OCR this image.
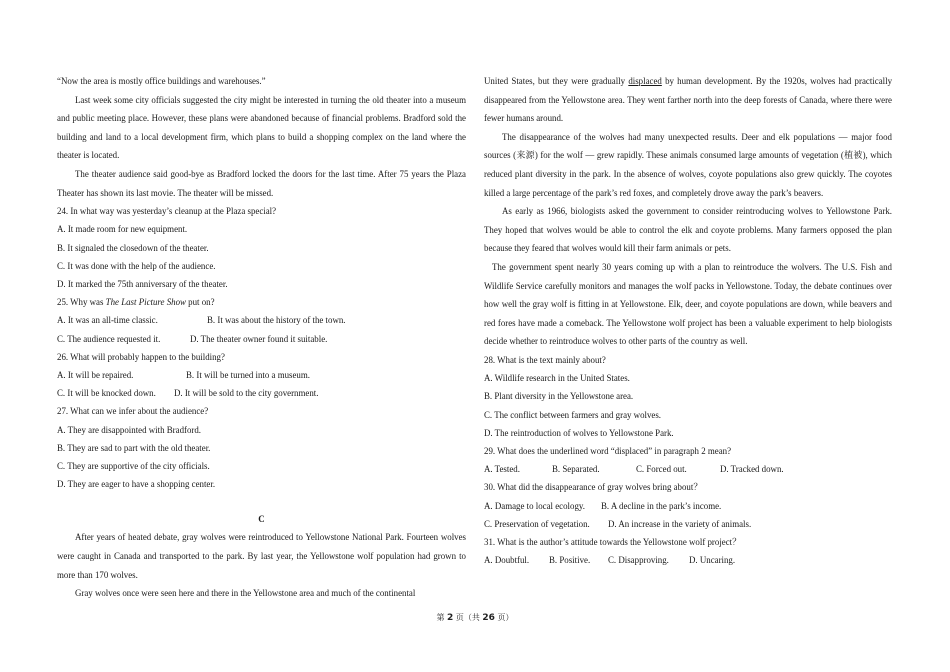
“Now the area is mostly office buildings and warehouses.”

Last week some city officials suggested the city might be interested in turning the old theater into a museum and public meeting place. However, these plans were abandoned because of financial problems. Bradford sold the building and land to a local development firm, which plans to build a shopping complex on the land where the theater is located.

The theater audience said good-bye as Bradford locked the doors for the last time. After 75 years the Plaza Theater has shown its last movie. The theater will be missed.

24. In what way was yesterday’s cleanup at the Plaza special?

A. It made room for new equipment.

B. It signaled the closedown of the theater.

C. It was done with the help of the audience.

D. It marked the 75th anniversary of the theater.

25. Why was The Last Picture Show put on?

A. It was an all-time classic.	B. It was about the history of the town.

C. The audience requested it.	D. The theater owner found it suitable.

26. What will probably happen to the building?

A. It will be repaired.	B. It will be turned into a museum.

C. It will be knocked down. D. It will be sold to the city government.

27. What can we infer about the audience?

A. They are disappointed with Bradford.

B. They are sad to part with the old theater.

C. They are supportive of the city officials.

D. They are eager to have a shopping center.

C

After years of heated debate, gray wolves were reintroduced to Yellowstone National Park. Fourteen wolves were caught in Canada and transported to the park. By last year, the Yellowstone wolf population had grown to more than 170 wolves.

Gray wolves once were seen here and there in the Yellowstone area and much of the continental

United States, but they were gradually displaced by human development. By the 1920s, wolves had practically disappeared from the Yellowstone area. They went farther north into the deep forests of Canada, where there were fewer humans around.

The disappearance of the wolves had many unexpected results. Deer and elk populations — major food sources (来源) for the wolf — grew rapidly. These animals consumed large amounts of vegetation (植被), which reduced plant diversity in the park. In the absence of wolves, coyote populations also grew quickly. The coyotes killed a large percentage of the park’s red foxes, and completely drove away the park’s beavers.

As early as 1966, biologists asked the government to consider reintroducing wolves to Yellowstone Park. They hoped that wolves would be able to control the elk and coyote problems. Many farmers opposed the plan because they feared that wolves would kill their farm animals or pets.

The government spent nearly 30 years coming up with a plan to reintroduce the wolvers. The U.S. Fish and Wildlife Service carefully monitors and manages the wolf packs in Yellowstone. Today, the debate continues over how well the gray wolf is fitting in at Yellowstone. Elk, deer, and coyote populations are down, while beavers and red fores have made a comeback. The Yellowstone wolf project has been a valuable experiment to help biologists decide whether to reintroduce wolves to other parts of the country as well.

28. What is the text mainly about?

A. Wildlife research in the United States.

B. Plant diversity in the Yellowstone area.

C. The conflict between farmers and gray wolves.

D. The reintroduction of wolves to Yellowstone Park.

29. What does the underlined word “displaced” in paragraph 2 mean?

A. Tested.	B. Separated.	C. Forced out.	D. Tracked down.

30. What did the disappearance of gray wolves bring about？

A. Damage to local ecology. B. A decline in the park’s income.

C. Preservation of vegetation. D. An increase in the variety of animals.

31. What is the author’s attitude towards the Yellowstone wolf project？

A. Doubtful. B. Positive. C. Disapproving. D. Uncaring.

第 2 页（共 26 页）
